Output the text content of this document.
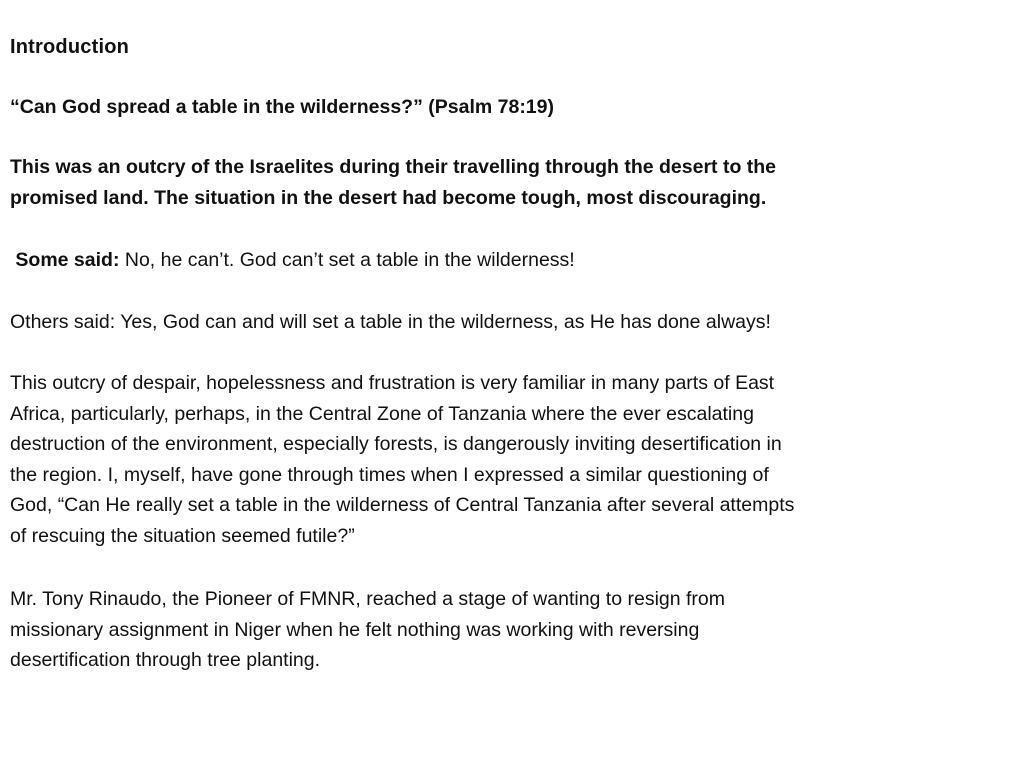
Introduction

“Can God spread a table in the wilderness?” (Psalm 78:19)

This was an outcry of the Israelites during their travelling through the desert to the
promised land. The situation in the desert had become tough, most discouraging.

Some said: No, he can’t. God can’t set a table in the wilderness!

Others said: Yes, God can and will set a table in the wilderness, as He has done always!

This outcry of despair, hopelessness and frustration is very familiar in many parts of East
Africa, particularly, perhaps, in the Central Zone of Tanzania where the ever escalating
destruction of the environment, especially forests, is dangerously inviting desertification in
the region. I, myself, have gone through times when I expressed a similar questioning of
God, “Can He really set a table in the wilderness of Central Tanzania after several attempts
of rescuing the situation seemed futile?”

Mr. Tony Rinaudo, the Pioneer of FMNR, reached a stage of wanting to resign from
missionary assignment in Niger when he felt nothing was working with reversing
desertification through tree planting.
